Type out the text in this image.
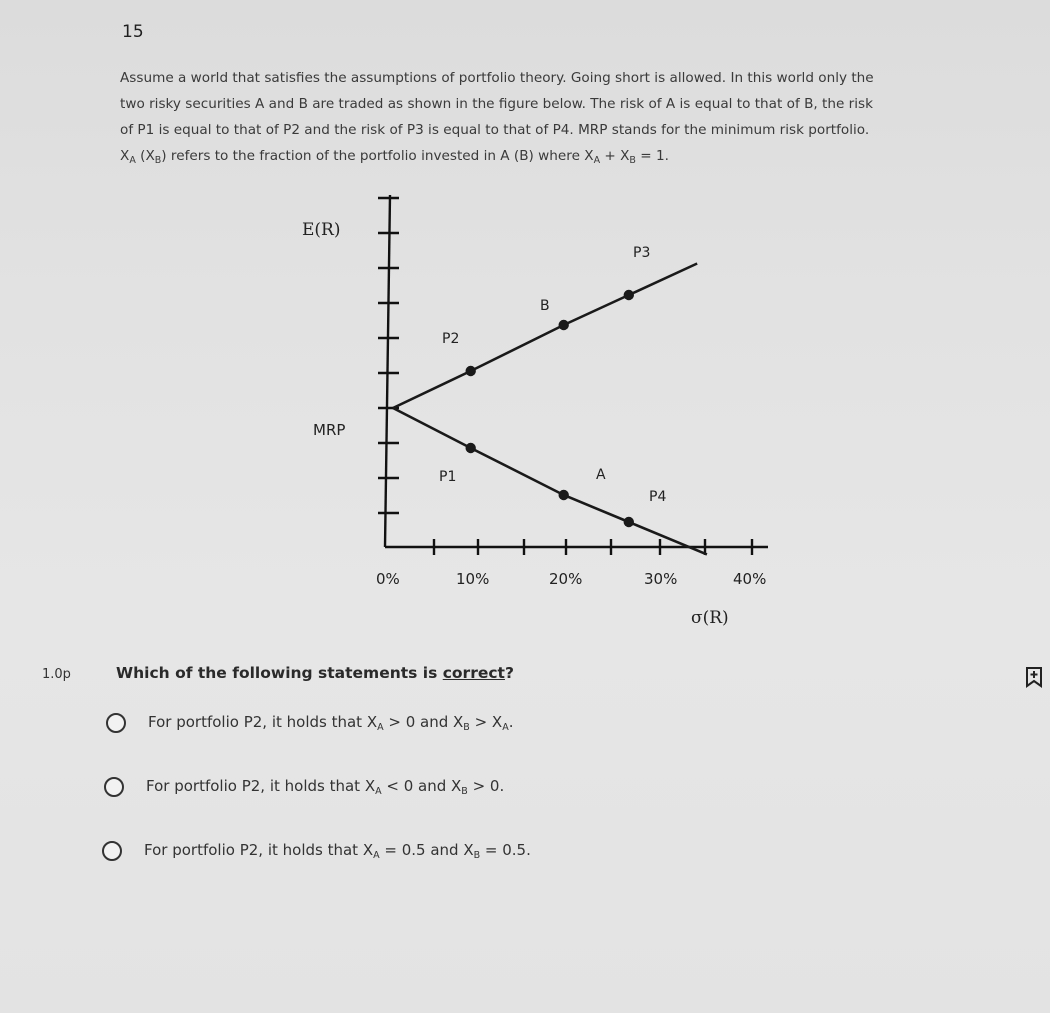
15

Assume a world that satisfies the assumptions of portfolio theory. Going short is allowed. In this world only the

two risky securities A and B are traded as shown in the figure below. The risk of A is equal to that of B, the risk

of P1 is equal to that of P2 and the risk of P3 is equal to that of P4. MRP stands for the minimum risk portfolio.

$X_A$ $(X_B)$ refers to the fraction of the portfolio invested in A (B) where $X_A + X_B = 1$.

E(R)
MRP
P3
B
P2
P1	A
P4
0%	10%	20%	30%	40%
σ(R)
1.0p	Which of the following statements is correct?
For portfolio P2, it holds that $X_A > 0$ and $X_B > X_A$.
For portfolio P2, it holds that $X_A < 0$ and $X_B > 0$.
For portfolio P2, it holds that $X_A = 0.5$ and $X_B = 0.5$.
